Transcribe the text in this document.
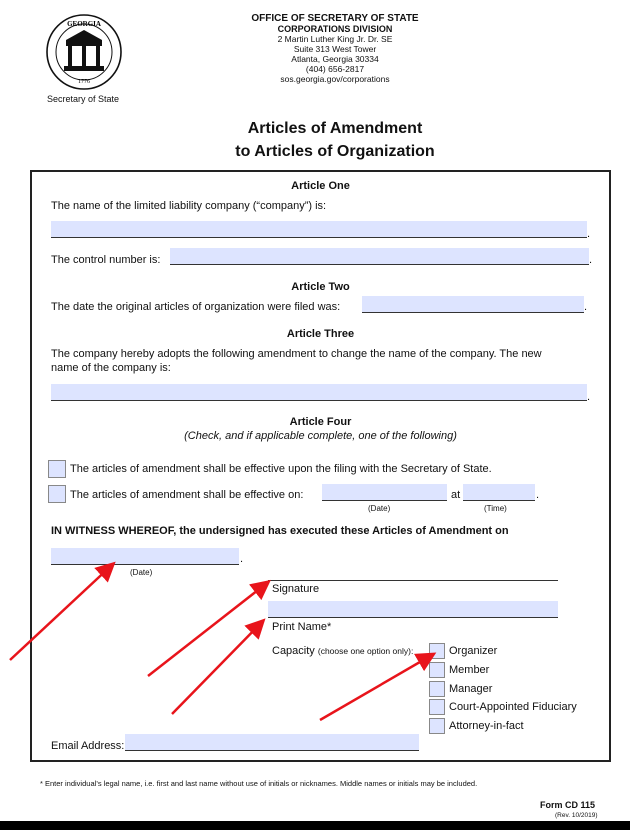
GEORGIA
1776
Secretary of State
OFFICE OF SECRETARY OF STATE
CORPORATIONS DIVISION
2 Martin Luther King Jr. Dr. SE
Suite 313 West Tower
Atlanta, Georgia 30334
(404) 656-2817
sos.georgia.gov/corporations
Articles of Amendment
to Articles of Organization
Article One
The name of the limited liability company (“company”) is:
.
The control number is:	.
Article Two
The date the original articles of organization were filed was:	.
Article Three
The company hereby adopts the following amendment to change the name of the company. The new
name of the company is:
.
Article Four
(Check, and if applicable complete, one of the following)
The articles of amendment shall be effective upon the filing with the Secretary of State.
The articles of amendment shall be effective on:	at	.
(Date)	(Time)
IN WITNESS WHEREOF, the undersigned has executed these Articles of Amendment on
.
(Date)
Signature
Print Name*
Capacity (choose one option only):	Organizer
Member
Manager
Court-Appointed Fiduciary
Attorney-in-fact
Email Address:
* Enter individual’s legal name, i.e. first and last name without use of initials or nicknames. Middle names or initials may be included.
Form CD 115
(Rev. 10/2019)
